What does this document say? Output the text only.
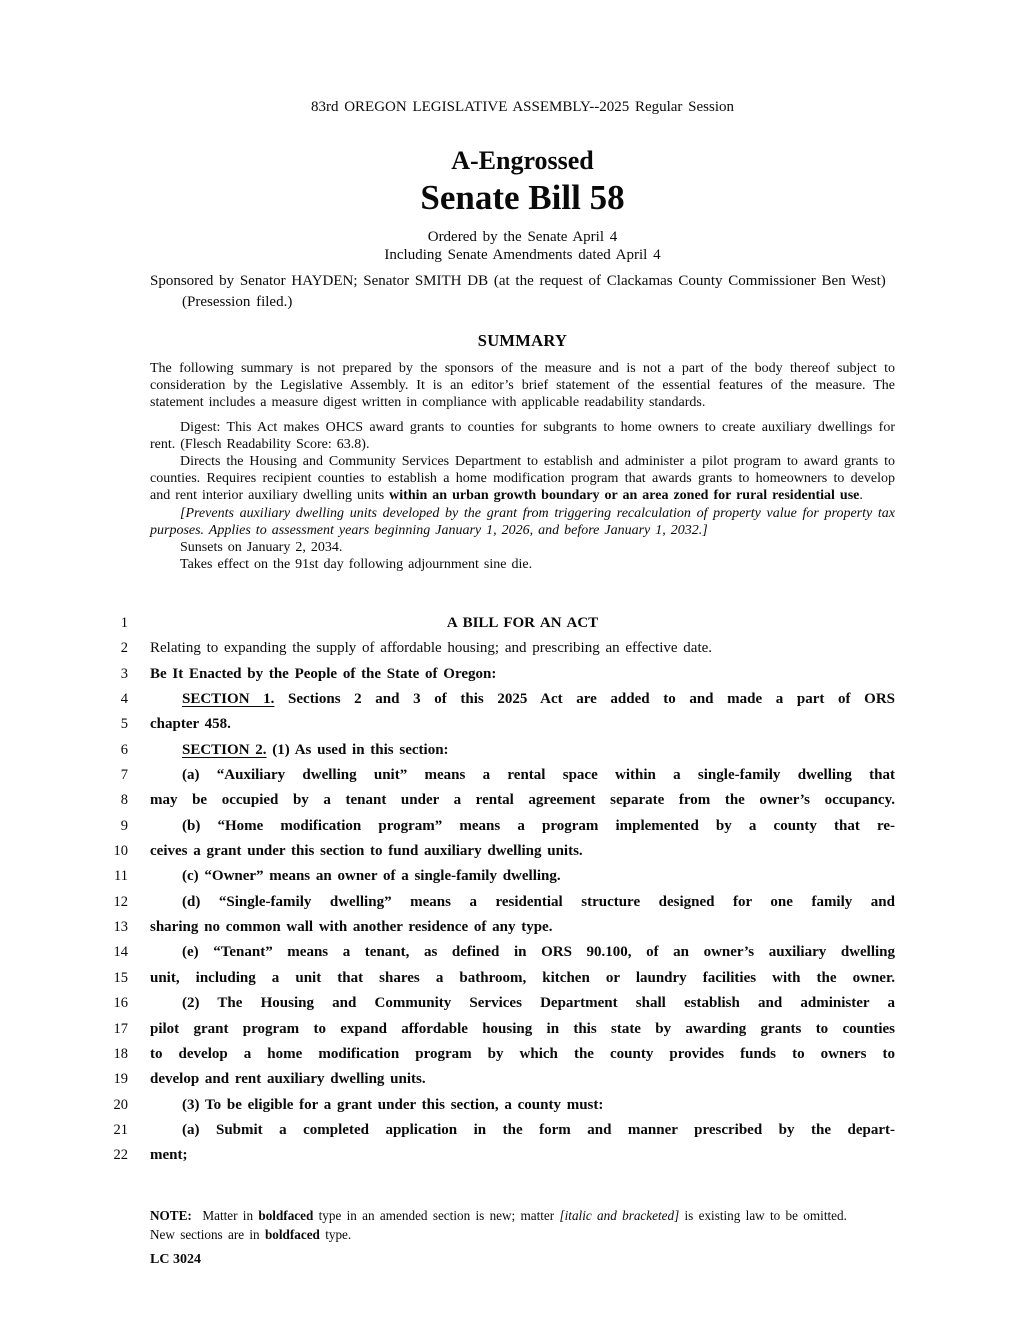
83rd OREGON LEGISLATIVE ASSEMBLY--2025 Regular Session
A-Engrossed
Senate Bill 58
Ordered by the Senate April 4
Including Senate Amendments dated April 4
Sponsored by Senator HAYDEN; Senator SMITH DB (at the request of Clackamas County Commissioner Ben West)
(Presession filed.)
SUMMARY

The following summary is not prepared by the sponsors of the measure and is not a part of the body thereof subject to consideration by the Legislative Assembly. It is an editor’s brief statement of the essential features of the measure. The statement includes a measure digest written in compliance with applicable readability standards.

Digest: This Act makes OHCS award grants to counties for subgrants to home owners to create auxiliary dwellings for rent. (Flesch Readability Score: 63.8).

Directs the Housing and Community Services Department to establish and administer a pilot program to award grants to counties. Requires recipient counties to establish a home modification program that awards grants to homeowners to develop and rent interior auxiliary dwelling units within an urban growth boundary or an area zoned for rural residential use.

[Prevents auxiliary dwelling units developed by the grant from triggering recalculation of property value for property tax purposes. Applies to assessment years beginning January 1, 2026, and before January 1, 2032.]

Sunsets on January 2, 2034.

Takes effect on the 91st day following adjournment sine die.

1	A BILL FOR AN ACT
2 Relating to expanding the supply of affordable housing; and prescribing an effective date.
3 Be It Enacted by the People of the State of Oregon:
4	SECTION 1. Sections 2 and 3 of this 2025 Act are added to and made a part of ORS
5 chapter 458.
6	SECTION 2. (1) As used in this section:
7	(a) “Auxiliary dwelling unit” means a rental space within a single-family dwelling that
8 may be occupied by a tenant under a rental agreement separate from the owner’s occupancy.
9	(b) “Home modification program” means a program implemented by a county that re-
10 ceives a grant under this section to fund auxiliary dwelling units.
11	(c) “Owner” means an owner of a single-family dwelling.
12	(d) “Single-family dwelling” means a residential structure designed for one family and
13 sharing no common wall with another residence of any type.
14	(e) “Tenant” means a tenant, as defined in ORS 90.100, of an owner’s auxiliary dwelling
15 unit, including a unit that shares a bathroom, kitchen or laundry facilities with the owner.
16	(2) The Housing and Community Services Department shall establish and administer a
17 pilot grant program to expand affordable housing in this state by awarding grants to counties
18 to develop a home modification program by which the county provides funds to owners to
19 develop and rent auxiliary dwelling units.
20	(3) To be eligible for a grant under this section, a county must:
21	(a) Submit a completed application in the form and manner prescribed by the depart-
22 ment;
NOTE:  Matter in boldfaced type in an amended section is new; matter [italic and bracketed] is existing law to be omitted.
New sections are in boldfaced type.
LC 3024
